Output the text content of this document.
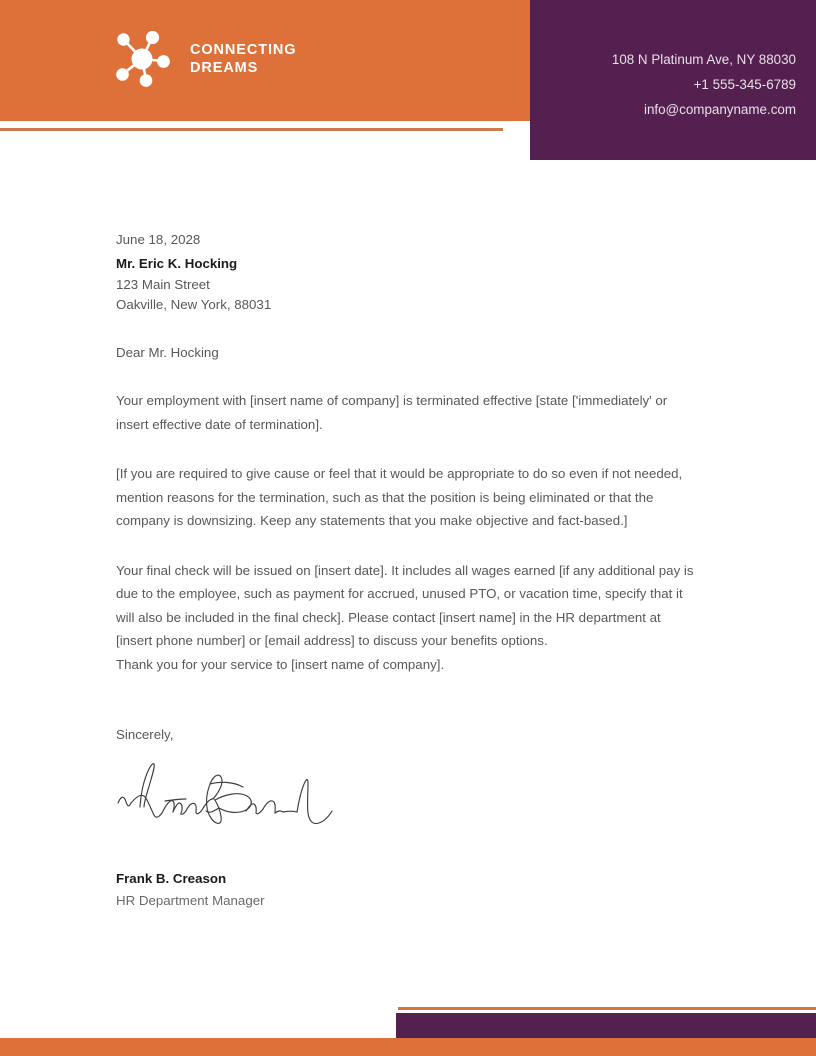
CONNECTING
DREAMS
108 N Platinum Ave, NY 88030
+1 555-345-6789
info@companyname.com
June 18, 2028
Mr. Eric K. Hocking
123 Main Street
Oakville, New York, 88031
Dear Mr. Hocking
Your employment with [insert name of company] is terminated effective [state ['immediately' or insert effective date of termination].
[If you are required to give cause or feel that it would be appropriate to do so even if not needed, mention reasons for the termination, such as that the position is being eliminated or that the company is downsizing. Keep any statements that you make objective and fact-based.]
Your final check will be issued on [insert date]. It includes all wages earned [if any additional pay is due to the employee, such as payment for accrued, unused PTO, or vacation time, specify that it will also be included in the final check]. Please contact [insert name] in the HR department at [insert phone number] or [email address] to discuss your benefits options.
Thank you for your service to [insert name of company].
Sincerely,
Frank B. Creason
HR Department Manager
